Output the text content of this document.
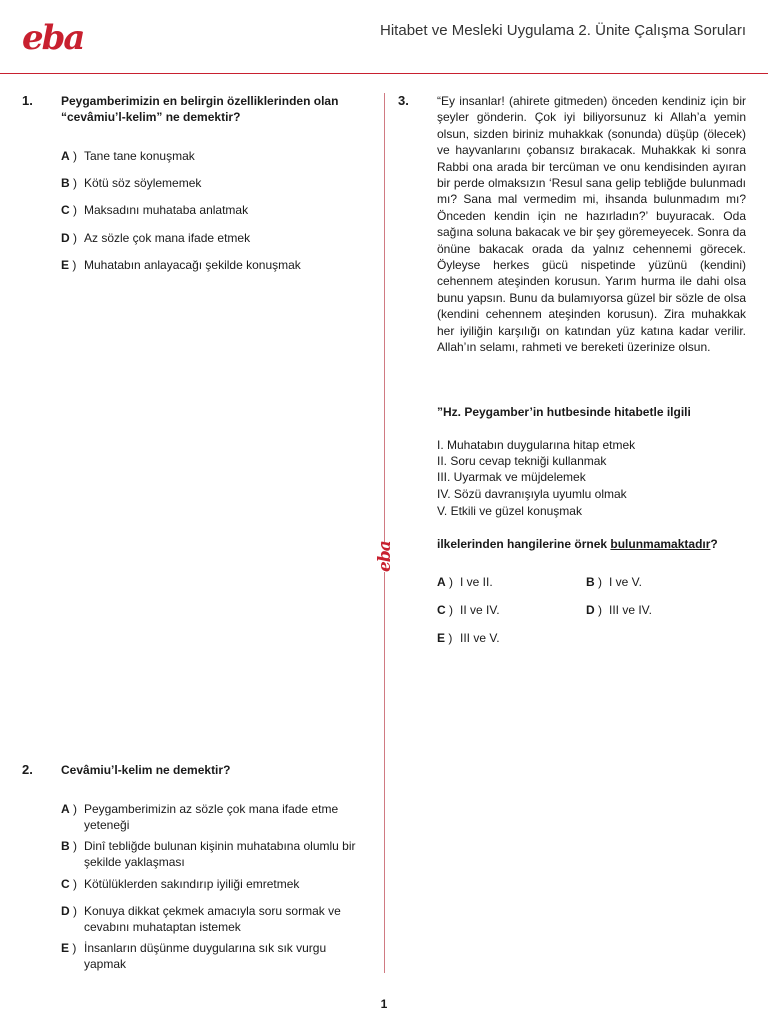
eba	Hitabet ve Mesleki Uygulama 2. Ünite Çalışma Soruları
eba
1. Peygamberimizin en belirgin özelliklerinden olan “cevâmiu’l-kelim” ne demektir?
A ) Tane tane konuşmak
B ) Kötü söz söylememek
C ) Maksadını muhataba anlatmak
D ) Az sözle çok mana ifade etmek
E ) Muhatabın anlayacağı şekilde konuşmak
2. Cevâmiu’l-kelim ne demektir?
A ) Peygamberimizin az sözle çok mana ifade etme yeteneği
B ) Dinî tebliğde bulunan kişinin muhatabına olumlu bir şekilde yaklaşması
C ) Kötülüklerden sakındırıp iyiliği emretmek
D ) Konuya dikkat çekmek amacıyla soru sormak ve cevabını muhataptan istemek
E ) İnsanların düşünme duygularına sık sık vurgu yapmak
3. “Ey insanlar! (ahirete gitmeden) önceden kendiniz için bir şeyler gönderin. Çok iyi biliyorsunuz ki Allah’a yemin olsun, sizden biriniz muhakkak (sonunda) düşüp (ölecek) ve hayvanlarını çobansız bırakacak. Muhakkak ki sonra Rabbi ona arada bir tercüman ve onu kendisinden ayıran bir perde olmaksızın ‘Resul sana gelip tebliğde bulunmadı mı? Sana mal vermedim mi, ihsanda bulunmadım mı? Önceden kendin için ne hazırladın?’ buyuracak. Oda sağına soluna bakacak ve bir şey göremeyecek. Sonra da önüne bakacak orada da yalnız cehennemi görecek. Öyleyse herkes gücü nispetinde yüzünü (kendini) cehennem ateşinden korusun. Yarım hurma ile dahi olsa bunu yapsın. Bunu da bulamıyorsa güzel bir sözle de olsa (kendini cehennem ateşinden korusun). Zira muhakkak her iyiliğin karşılığı on katından yüz katına kadar verilir. Allah’ın selamı, rahmeti ve bereketi üzerinize olsun.
”Hz. Peygamber’in hutbesinde hitabetle ilgili
I. Muhatabın duygularına hitap etmek
II. Soru cevap tekniği kullanmak
III. Uyarmak ve müjdelemek
IV. Sözü davranışıyla uyumlu olmak
V. Etkili ve güzel konuşmak
ilkelerinden hangilerine örnek bulunmamaktadır?
A ) I ve II.	B ) I ve V.
C ) II ve IV.	D ) III ve IV.
E ) III ve V.
1
